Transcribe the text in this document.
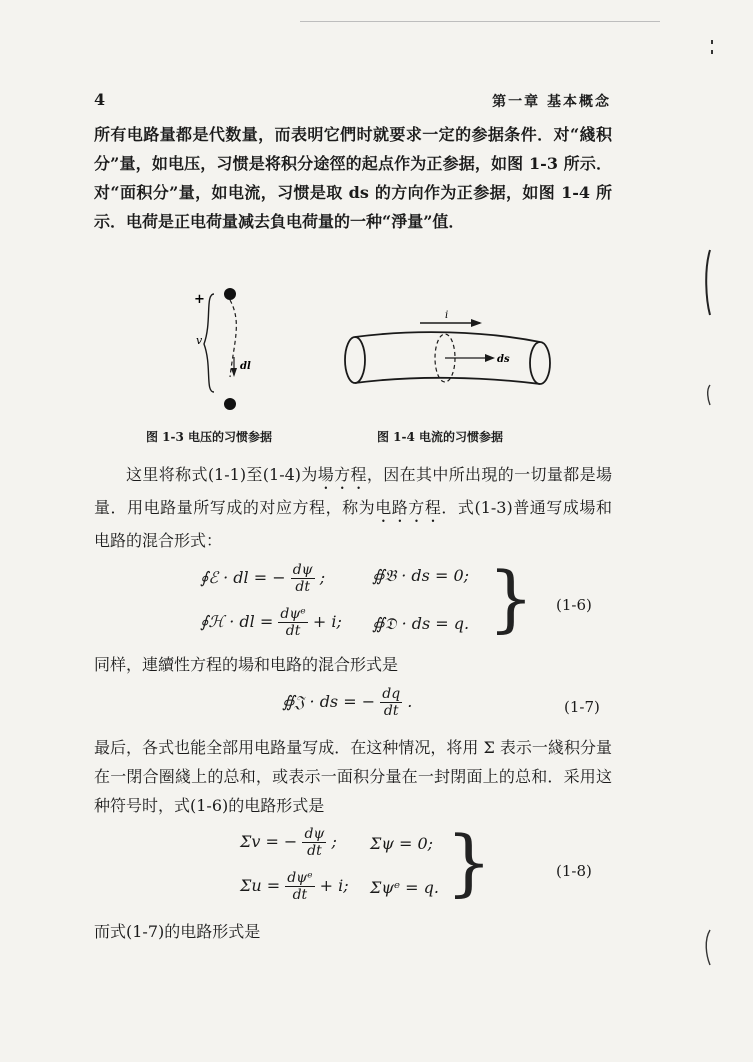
4	第一章 基本概念

所有电路量都是代数量，而表明它們时就要求一定的参据条件．对“綫积分”量，如电压，习惯是将积分途徑的起点作为正参据，如图 1-3 所示．对“面积分”量，如电流，习惯是取 ds 的方向作为正参据，如图 1-4 所示．电荷是正电荷量减去負电荷量的一种“淨量”值．

+
v
dl
i
ds
图 1-3 电压的习惯参据	图 1-4 电流的习惯参据

这里将称式(1-1)至(1-4)为場方程，因在其中所出現的一切量都是場量．用电路量所写成的对应方程，称为电路方程．式(1-3)普通写成場和电路的混合形式：

∮ℰ · dl = − $\frac{d\psi}{dt}$ ;	∯𝔅 · ds = 0;
∮ℋ · dl = $\frac{\text{dψᵉ}}{dt} + i$; ∯𝔇 · ds = q. } (1-6)

同样，連續性方程的場和电路的混合形式是

∯𝔍 · ds = − $\frac{dq}{dt}$ .	(1-7)

最后，各式也能全部用电路量写成．在这种情况，将用 Σ 表示一綫积分量在一閉合圈綫上的总和，或表示一面积分量在一封閉面上的总和．采用这种符号时，式(1-6)的电路形式是

Σv = − $\frac{d\psi}{dt}$ ; Σψ = 0;
$\Sigma u = \frac{\text{dψᵉ}}{dt} + i$; Σψᵉ = q. }	(1-8)

而式(1-7)的电路形式是
